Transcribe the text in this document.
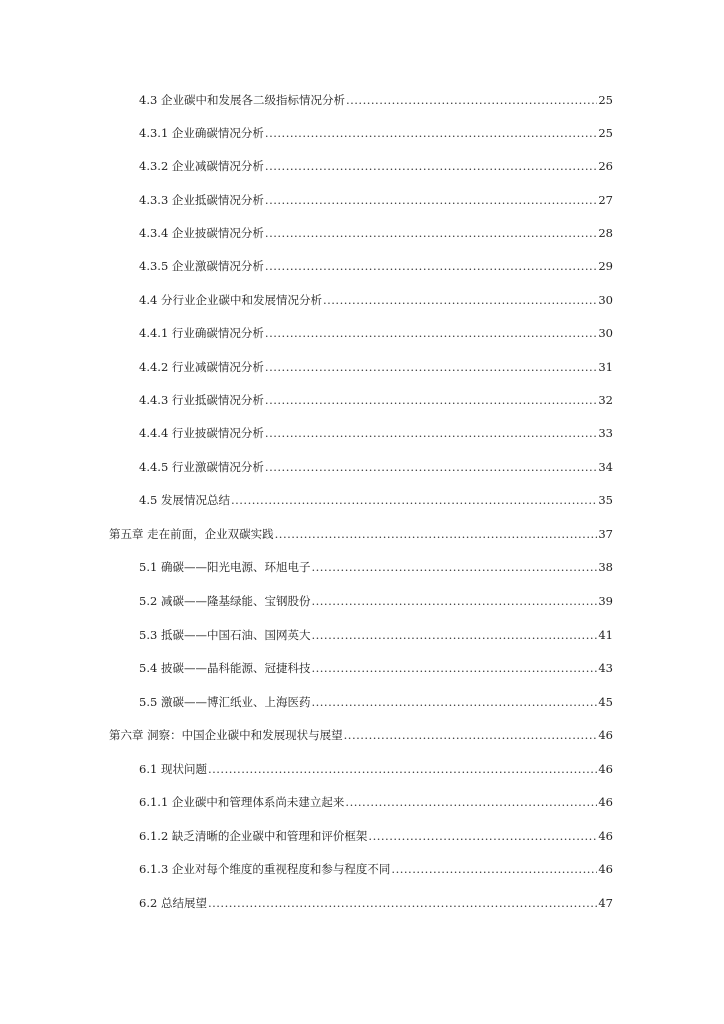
4.3 企业碳中和发展各二级指标情况分析 .....	25
4.3.1 企业确碳情况分析 .....	25
4.3.2 企业减碳情况分析 .....	26
4.3.3 企业抵碳情况分析 .....	27
4.3.4 企业披碳情况分析 .....	28
4.3.5 企业激碳情况分析 .....	29
4.4 分行业企业碳中和发展情况分析 .....	30
4.4.1 行业确碳情况分析 .....	30
4.4.2 行业减碳情况分析 .....	31
4.4.3 行业抵碳情况分析 .....	32
4.4.4 行业披碳情况分析 .....	33
4.4.5 行业激碳情况分析 .....	34
4.5 发展情况总结 .....	35
第五章 走在前面，企业双碳实践 .....	37
5.1 确碳——阳光电源、环旭电子 .....	38
5.2 减碳——隆基绿能、宝钢股份 .....	39
5.3 抵碳——中国石油、国网英大 .....	41
5.4 披碳——晶科能源、冠捷科技 .....	43
5.5 激碳——博汇纸业、上海医药 .....	45
第六章 洞察：中国企业碳中和发展现状与展望 .....	46
6.1 现状问题 .....	46
6.1.1 企业碳中和管理体系尚未建立起来 .....	46
6.1.2 缺乏清晰的企业碳中和管理和评价框架 .....	46
6.1.3 企业对每个维度的重视程度和参与程度不同 .....	46
6.2 总结展望 .....	47
